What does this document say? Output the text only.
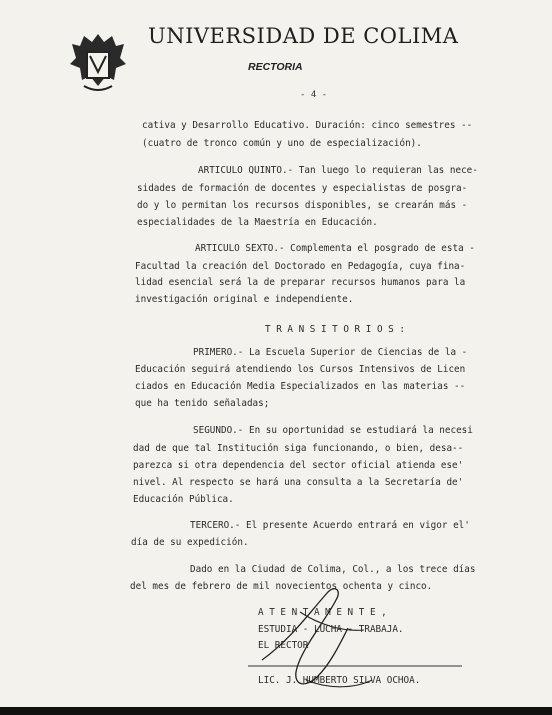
UNIVERSIDAD DE COLIMA
RECTORIA
- 4 -
cativa y Desarrollo Educativo. Duración: cinco semestres --
(cuatro de tronco común y uno de especialización).
ARTICULO QUINTO.- Tan luego lo requieran las nece-
sidades de formación de docentes y especialistas de posgra-
do y lo permitan los recursos disponibles, se crearán más -
especialidades de la Maestría en Educación.
ARTICULO SEXTO.- Complementa el posgrado de esta -
Facultad la creación del Doctorado en Pedagogía, cuya fina-
lidad esencial será la de preparar recursos humanos para la
investigación original e independiente.
T R A N S I T O R I O S :
PRIMERO.- La Escuela Superior de Ciencias de la -
Educación seguirá atendiendo los Cursos Intensivos de Licen
ciados en Educación Media Especializados en las materias --
que ha tenido señaladas;
SEGUNDO.- En su oportunidad se estudiará la necesi
dad de que tal Institución siga funcionando, o bien, desa--
parezca si otra dependencia del sector oficial atienda ese'
nivel. Al respecto se hará una consulta a la Secretaría de'
Educación Pública.
TERCERO.- El presente Acuerdo entrará en vigor el'
día de su expedición.
Dado en la Ciudad de Colima, Col., a los trece días
del mes de febrero de mil novecientos ochenta y cinco.
A T E N T A M E N T E ,
ESTUDIA - LUCHA - TRABAJA.
EL RECTOR
LIC. J. HUMBERTO SILVA OCHOA.
